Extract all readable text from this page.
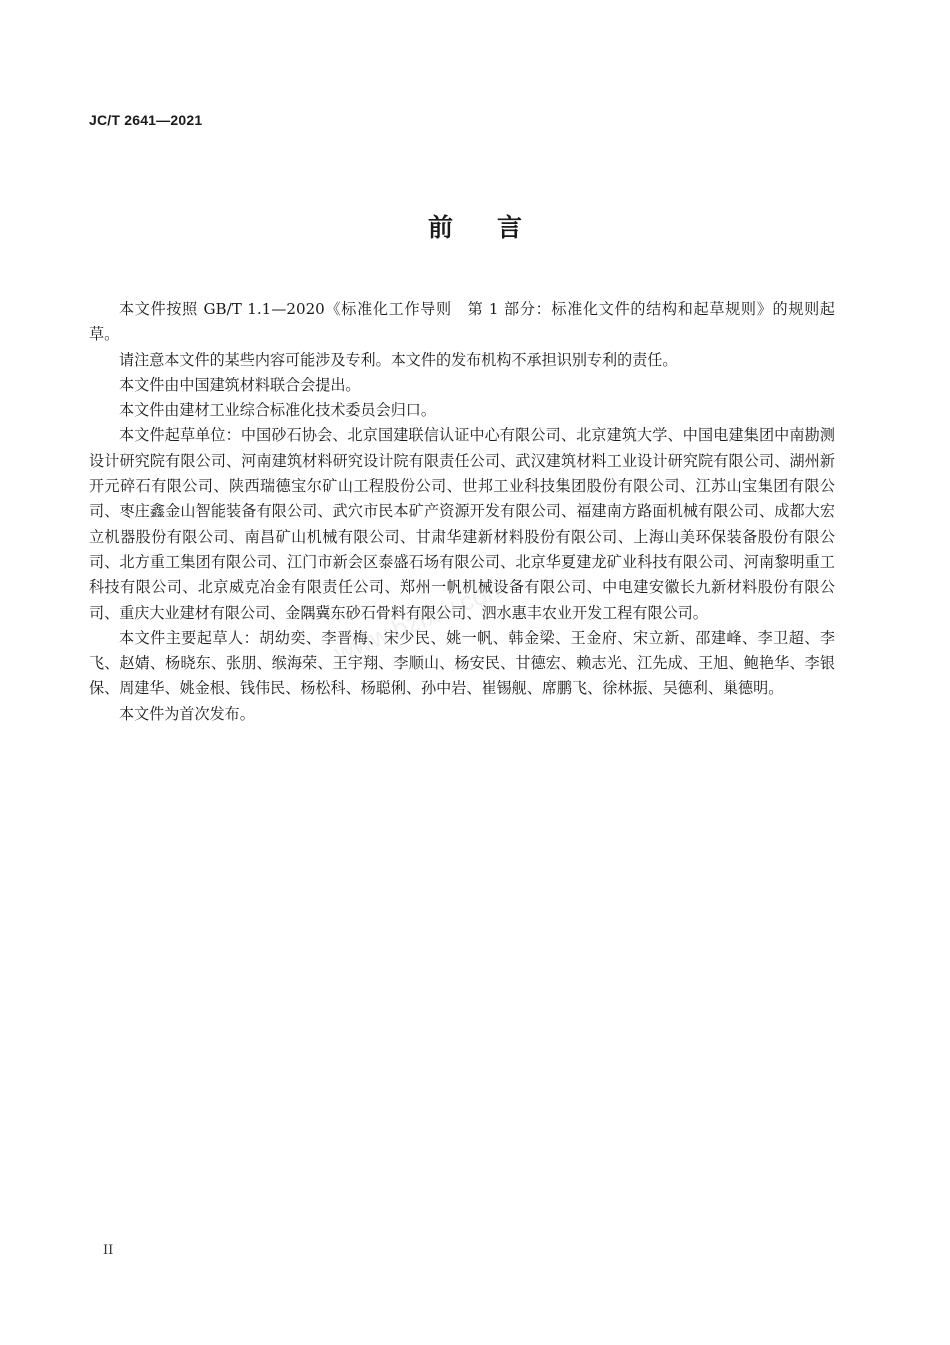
JC/T 2641—2021
前言

本文件按照 GB/T 1.1—2020《标准化工作导则　第 1 部分：标准化文件的结构和起草规则》的规则起草。

请注意本文件的某些内容可能涉及专利。本文件的发布机构不承担识别专利的责任。

本文件由中国建筑材料联合会提出。

本文件由建材工业综合标准化技术委员会归口。

本文件起草单位：中国砂石协会、北京国建联信认证中心有限公司、北京建筑大学、中国电建集团中南勘测设计研究院有限公司、河南建筑材料研究设计院有限责任公司、武汉建筑材料工业设计研究院有限公司、湖州新开元碎石有限公司、陕西瑞德宝尔矿山工程股份公司、世邦工业科技集团股份有限公司、江苏山宝集团有限公司、枣庄鑫金山智能装备有限公司、武穴市民本矿产资源开发有限公司、福建南方路面机械有限公司、成都大宏立机器股份有限公司、南昌矿山机械有限公司、甘肃华建新材料股份有限公司、上海山美环保装备股份有限公司、北方重工集团有限公司、江门市新会区泰盛石场有限公司、北京华夏建龙矿业科技有限公司、河南黎明重工科技有限公司、北京威克冶金有限责任公司、郑州一帆机械设备有限公司、中电建安徽长九新材料股份有限公司、重庆大业建材有限公司、金隅冀东砂石骨料有限公司、泗水惠丰农业开发工程有限公司。

本文件主要起草人：胡幼奕、李晋梅、宋少民、姚一帆、韩金梁、王金府、宋立新、邵建峰、李卫超、李飞、赵婧、杨晓东、张朋、缑海荣、王宇翔、李顺山、杨安民、甘德宏、赖志光、江先成、王旭、鲍艳华、李银保、周建华、姚金根、钱伟民、杨松科、杨聪俐、孙中岩、崔锡舰、席鹏飞、徐林振、吴德利、巢德明。

本文件为首次发布。

www.bzfxw.com
II
